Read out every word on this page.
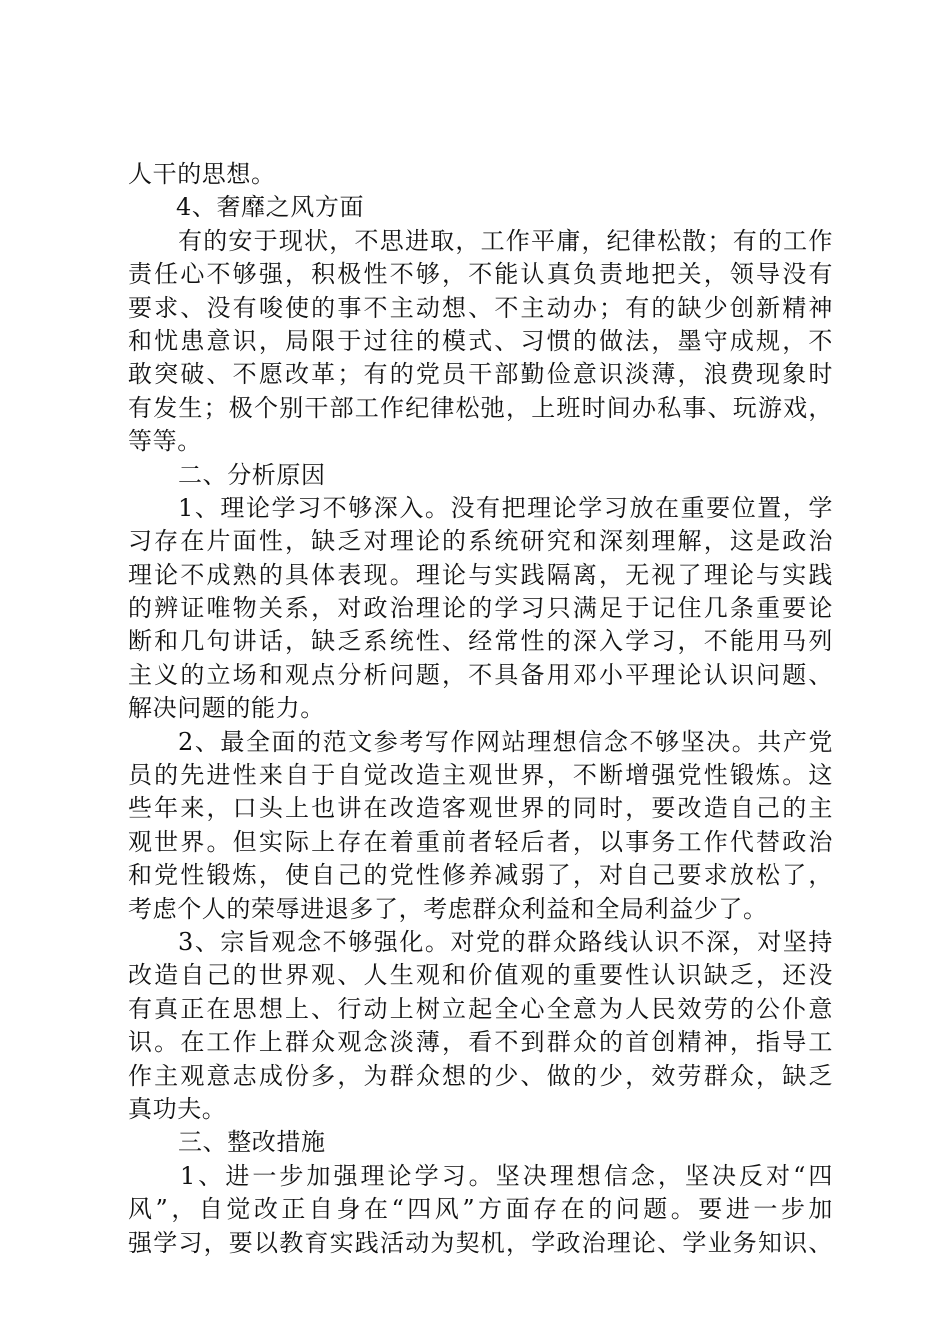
人干的思想。
4、奢靡之风方面
有的安于现状，不思进取，工作平庸，纪律松散；有的工作
责任心不够强，积极性不够，不能认真负责地把关，领导没有
要求、没有唆使的事不主动想、不主动办；有的缺少创新精神
和忧患意识，局限于过往的模式、习惯的做法，墨守成规，不
敢突破、不愿改革；有的党员干部勤俭意识淡薄，浪费现象时
有发生；极个别干部工作纪律松弛，上班时间办私事、玩游戏，
等等。
二、分析原因
1、理论学习不够深入。没有把理论学习放在重要位置，学
习存在片面性，缺乏对理论的系统研究和深刻理解，这是政治
理论不成熟的具体表现。理论与实践隔离，无视了理论与实践
的辨证唯物关系，对政治理论的学习只满足于记住几条重要论
断和几句讲话，缺乏系统性、经常性的深入学习，不能用马列
主义的立场和观点分析问题，不具备用邓小平理论认识问题、
解决问题的能力。
2、最全面的范文参考写作网站理想信念不够坚决。共产党
员的先进性来自于自觉改造主观世界，不断增强党性锻炼。这
些年来，口头上也讲在改造客观世界的同时，要改造自己的主
观世界。但实际上存在着重前者轻后者，以事务工作代替政治
和党性锻炼，使自己的党性修养减弱了，对自己要求放松了，
考虑个人的荣辱进退多了，考虑群众利益和全局利益少了。
3、宗旨观念不够强化。对党的群众路线认识不深，对坚持
改造自己的世界观、人生观和价值观的重要性认识缺乏，还没
有真正在思想上、行动上树立起全心全意为人民效劳的公仆意
识。在工作上群众观念淡薄，看不到群众的首创精神，指导工
作主观意志成份多，为群众想的少、做的少，效劳群众，缺乏
真功夫。
三、整改措施
1、进一步加强理论学习。坚决理想信念，坚决反对“四
风”，自觉改正自身在“四风”方面存在的问题。要进一步加
强学习，要以教育实践活动为契机，学政治理论、学业务知识、
